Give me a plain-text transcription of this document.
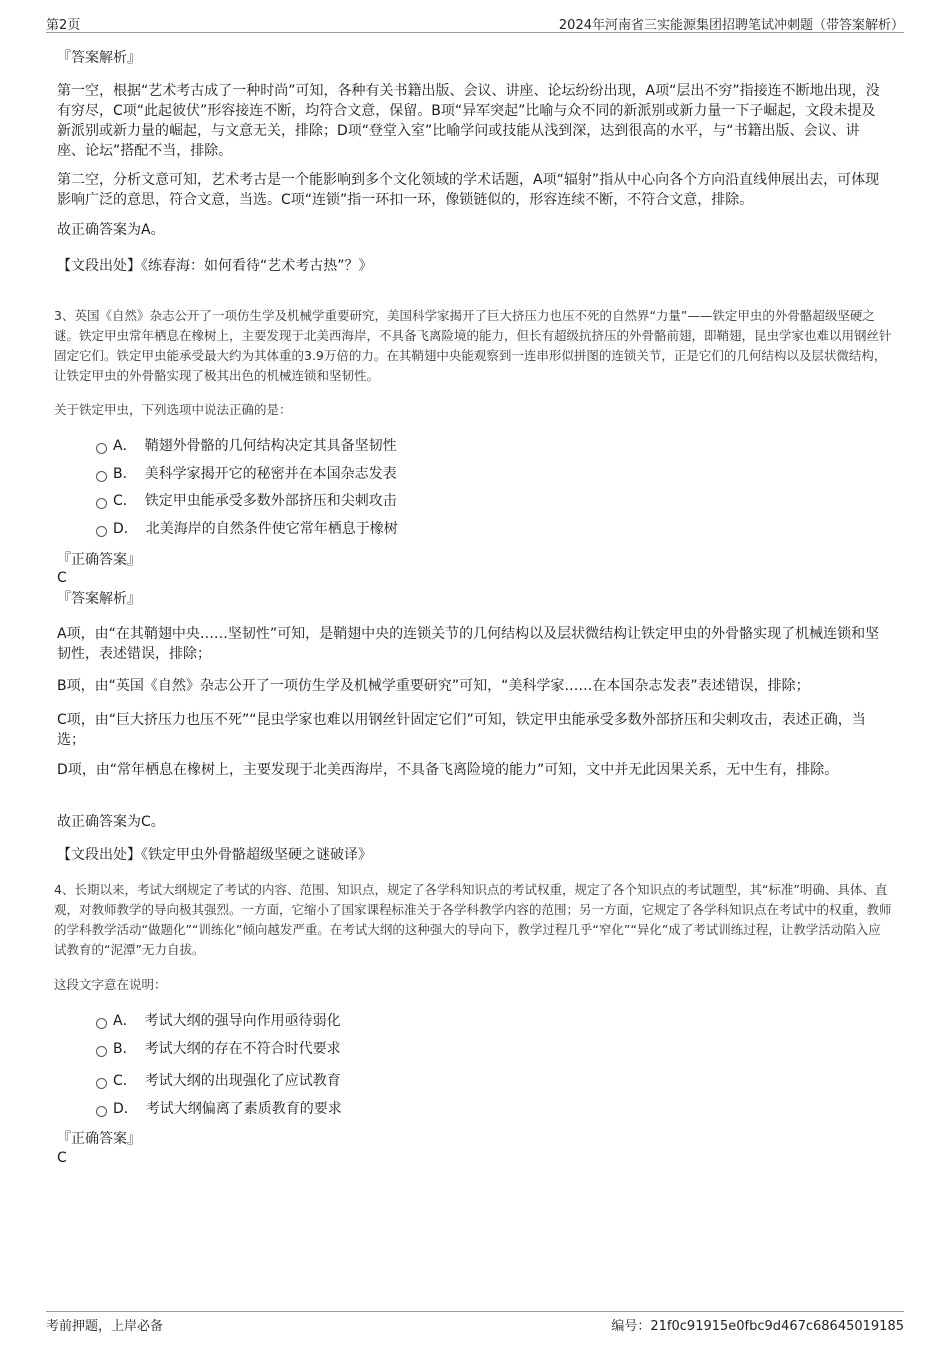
第2页	2024年河南省三实能源集团招聘笔试冲刺题（带答案解析）
『答案解析』
第一空，根据“艺术考古成了一种时尚”可知，各种有关书籍出版、会议、讲座、论坛纷纷出现，A项“层出不穷”指接连不断地出现，没有穷尽，C项“此起彼伏”形容接连不断，均符合文意，保留。B项“异军突起”比喻与众不同的新派别或新力量一下子崛起，文段未提及新派别或新力量的崛起，与文意无关，排除；D项“登堂入室”比喻学问或技能从浅到深，达到很高的水平，与“书籍出版、会议、讲座、论坛”搭配不当，排除。
第二空，分析文意可知，艺术考古是一个能影响到多个文化领域的学术话题，A项“辐射”指从中心向各个方向沿直线伸展出去，可体现影响广泛的意思，符合文意，当选。C项“连锁”指一环扣一环，像锁链似的，形容连续不断，不符合文意，排除。
故正确答案为A。
【文段出处】《练春海：如何看待“艺术考古热”？》
3、英国《自然》杂志公开了一项仿生学及机械学重要研究，美国科学家揭开了巨大挤压力也压不死的自然界“力量”——铁定甲虫的外骨骼超级坚硬之谜。铁定甲虫常年栖息在橡树上，主要发现于北美西海岸，不具备飞离险境的能力，但长有超级抗挤压的外骨骼前翅，即鞘翅，昆虫学家也难以用钢丝针固定它们。铁定甲虫能承受最大约为其体重的3.9万倍的力。在其鞘翅中央能观察到一连串形似拼图的连锁关节，正是它们的几何结构以及层状微结构，让铁定甲虫的外骨骼实现了极其出色的机械连锁和坚韧性。
关于铁定甲虫，下列选项中说法正确的是：
A． 鞘翅外骨骼的几何结构决定其具备坚韧性
B． 美科学家揭开它的秘密并在本国杂志发表
C． 铁定甲虫能承受多数外部挤压和尖刺攻击
D． 北美海岸的自然条件使它常年栖息于橡树
『正确答案』
C
『答案解析』
A项，由“在其鞘翅中央……坚韧性”可知，是鞘翅中央的连锁关节的几何结构以及层状微结构让铁定甲虫的外骨骼实现了机械连锁和坚韧性，表述错误，排除；
B项，由“英国《自然》杂志公开了一项仿生学及机械学重要研究”可知，“美科学家……在本国杂志发表”表述错误，排除；
C项，由“巨大挤压力也压不死”“昆虫学家也难以用钢丝针固定它们”可知，铁定甲虫能承受多数外部挤压和尖刺攻击，表述正确，当选；
D项，由“常年栖息在橡树上，主要发现于北美西海岸，不具备飞离险境的能力”可知，文中并无此因果关系，无中生有，排除。
故正确答案为C。
【文段出处】《铁定甲虫外骨骼超级坚硬之谜破译》
4、长期以来，考试大纲规定了考试的内容、范围、知识点，规定了各学科知识点的考试权重，规定了各个知识点的考试题型，其“标准”明确、具体、直观，对教师教学的导向极其强烈。一方面，它缩小了国家课程标准关于各学科教学内容的范围；另一方面，它规定了各学科知识点在考试中的权重，教师的学科教学活动“做题化”“训练化”倾向越发严重。在考试大纲的这种强大的导向下，教学过程几乎“窄化”“异化”成了考试训练过程，让教学活动陷入应试教育的“泥潭”无力自拔。
这段文字意在说明：
A． 考试大纲的强导向作用亟待弱化
B． 考试大纲的存在不符合时代要求
C． 考试大纲的出现强化了应试教育
D． 考试大纲偏离了素质教育的要求
『正确答案』
C
考前押题，上岸必备	编号：21f0c91915e0fbc9d467c68645019185
